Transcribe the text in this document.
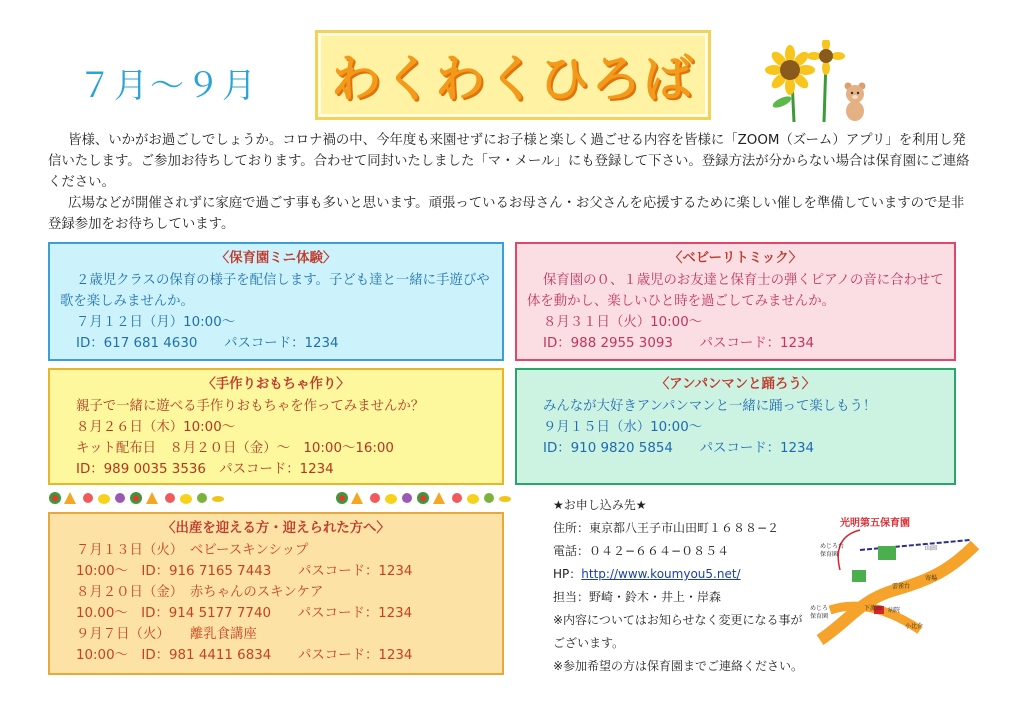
７月〜９月 わくわくひろば

皆様、いかがお過ごしでしょうか。コロナ禍の中、今年度も来園せずにお子様と楽しく過ごせる内容を皆様に「ZOOM（ズーム）アプリ」を利用し発信いたします。ご参加お待ちしております。合わせて同封いたしました「マ・メール」にも登録して下さい。登録方法が分からない場合は保育園にご連絡ください。

広場などが開催されずに家庭で過ごす事も多いと思います。頑張っているお母さん・お父さんを応援するために楽しい催しを準備していますので是非登録参加をお待ちしています。

〈保育園ミニ体験〉
２歳児クラスの保育の様子を配信します。子ども達と一緒に手遊びや歌を楽しみませんか。
７月１２日（月）10:00〜
ID：617 681 4630　　パスコード：1234
〈ベビーリトミック〉
保育園の０、１歳児のお友達と保育士の弾くピアノの音に合わせて体を動かし、楽しいひと時を過ごしてみませんか。
８月３１日（火）10:00〜
ID：988 2955 3093　　パスコード：1234
〈手作りおもちゃ作り〉
親子で一緒に遊べる手作りおもちゃを作ってみませんか？
８月２６日（木）10:00〜
キット配布日　８月２０日（金）〜　10:00〜16:00
ID：989 0035 3536　パスコード：1234
〈アンパンマンと踊ろう〉
みんなが大好きアンパンマンと一緒に踊って楽しもう！
９月１５日（水）10:00〜
ID：910 9820 5854　　パスコード：1234
〈出産を迎える方・迎えられた方へ〉
７月１３日（火）　ベビースキンシップ
10:00〜　ID：916 7165 7443　　パスコード：1234
８月２０日（金）　赤ちゃんのスキンケア
10.00〜　ID：914 5177 7740　　パスコード：1234
９月７日（火）　　離乳食講座
10:00〜　ID：981 4411 6834　　パスコード：1234
★お申し込み先★
住所：東京都八王子市山田町１６８８−２
電話：０４２−６６４−０８５４
HP：http://www.koumyou5.net/
担当：野崎・鈴木・井上・岸森
※内容についてはお知らせなく変更になる事がございます。
※参加希望の方は保育園までご連絡ください。
光明第五保育園
めじろ台
保育園
山田
寄場
雲雀台
めじろ
保育園
下流田 病院
小比企
